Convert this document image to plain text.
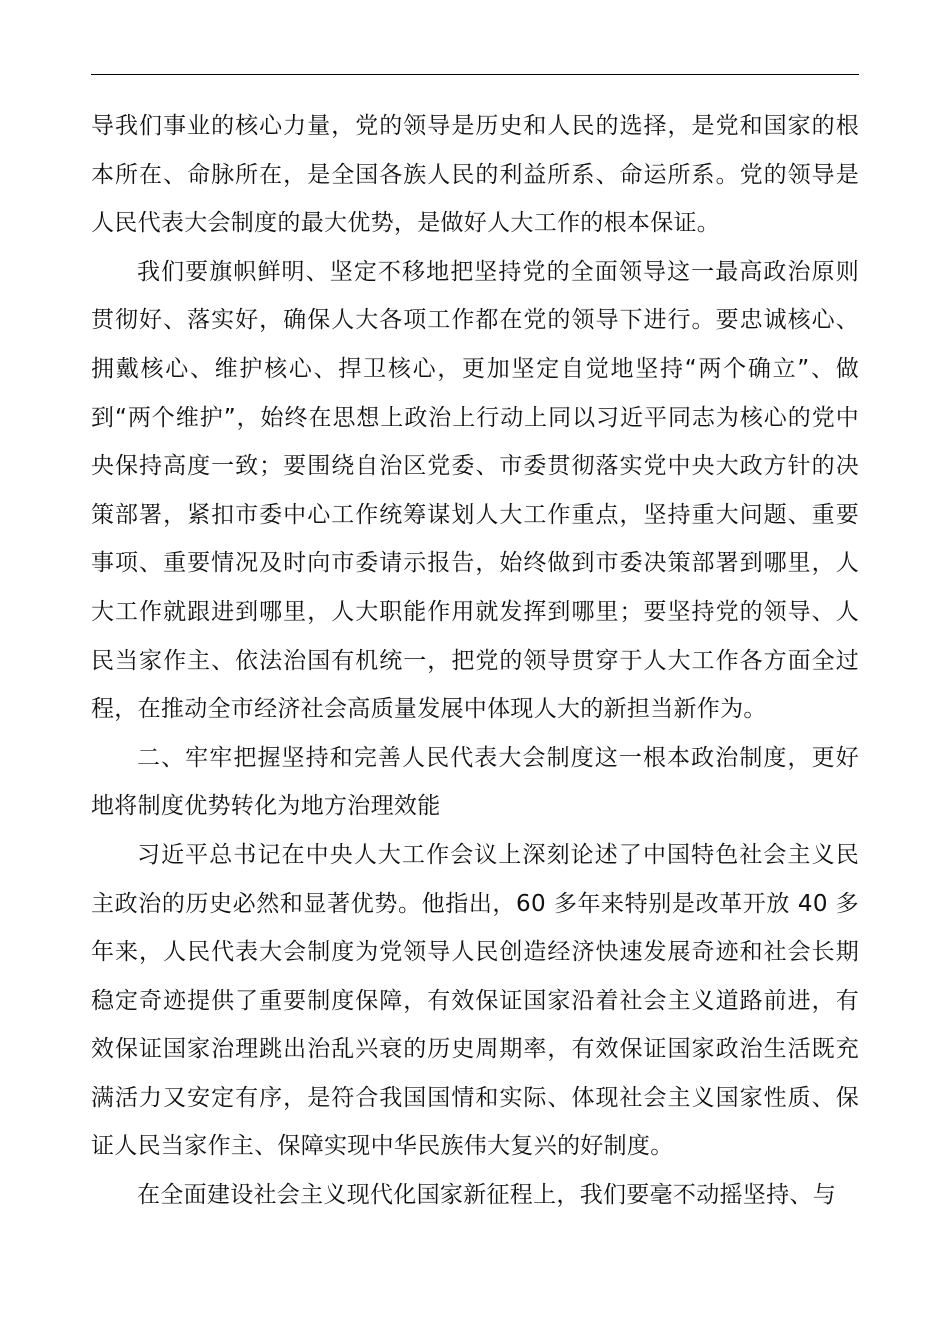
导我们事业的核心力量，党的领导是历史和人民的选择，是党和国家的根本所在、命脉所在，是全国各族人民的利益所系、命运所系。党的领导是人民代表大会制度的最大优势，是做好人大工作的根本保证。

我们要旗帜鲜明、坚定不移地把坚持党的全面领导这一最高政治原则贯彻好、落实好，确保人大各项工作都在党的领导下进行。要忠诚核心、拥戴核心、维护核心、捍卫核心，更加坚定自觉地坚持“两个确立”、做到“两个维护”，始终在思想上政治上行动上同以习近平同志为核心的党中央保持高度一致；要围绕自治区党委、市委贯彻落实党中央大政方针的决策部署，紧扣市委中心工作统筹谋划人大工作重点，坚持重大问题、重要事项、重要情况及时向市委请示报告，始终做到市委决策部署到哪里，人大工作就跟进到哪里，人大职能作用就发挥到哪里；要坚持党的领导、人民当家作主、依法治国有机统一，把党的领导贯穿于人大工作各方面全过程，在推动全市经济社会高质量发展中体现人大的新担当新作为。

二、牢牢把握坚持和完善人民代表大会制度这一根本政治制度，更好地将制度优势转化为地方治理效能

习近平总书记在中央人大工作会议上深刻论述了中国特色社会主义民主政治的历史必然和显著优势。他指出，60 多年来特别是改革开放 40 多年来，人民代表大会制度为党领导人民创造经济快速发展奇迹和社会长期稳定奇迹提供了重要制度保障，有效保证国家沿着社会主义道路前进，有效保证国家治理跳出治乱兴衰的历史周期率，有效保证国家政治生活既充满活力又安定有序，是符合我国国情和实际、体现社会主义国家性质、保证人民当家作主、保障实现中华民族伟大复兴的好制度。

在全面建设社会主义现代化国家新征程上，我们要毫不动摇坚持、与
